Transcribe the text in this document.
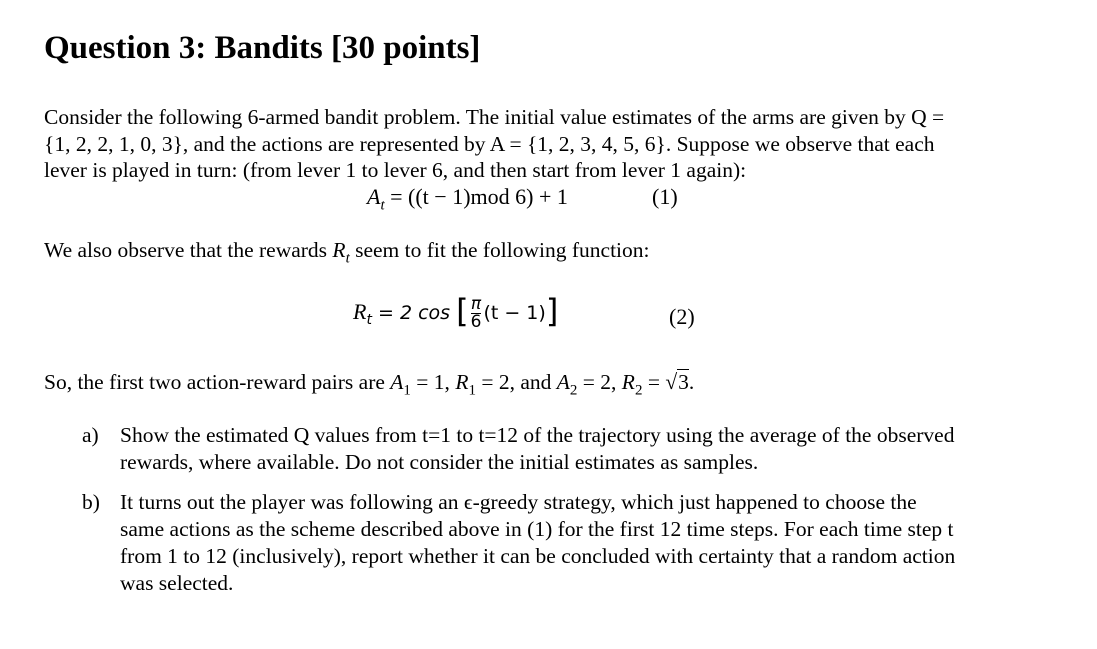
Question 3: Bandits [30 points]
Consider the following 6-armed bandit problem. The initial value estimates of the arms are given by Q =
{1, 2, 2, 1, 0, 3}, and the actions are represented by A = {1, 2, 3, 4, 5, 6}. Suppose we observe that each
lever is played in turn: (from lever 1 to lever 6, and then start from lever 1 again):
$A_t = ((t - 1)mod$ 6) + 1	(1)
We also observe that the rewards $R_t$ seem to fit the following function:
$R_t = 2$ cos [ $\frac{\pi}{6} (t - 1)$]	(2)
So, the first two action-reward pairs are $A_1 = 1$, $R_1 = 2$, and $A_2 = 2$, $R_2 = √3$.
a) Show the estimated Q values from t=1 to t=12 of the trajectory using the average of the observed
rewards, where available. Do not consider the initial estimates as samples.
b) It turns out the player was following an ϵ-greedy strategy, which just happened to choose the
same actions as the scheme described above in (1) for the first 12 time steps. For each time step t
from 1 to 12 (inclusively), report whether it can be concluded with certainty that a random action
was selected.
